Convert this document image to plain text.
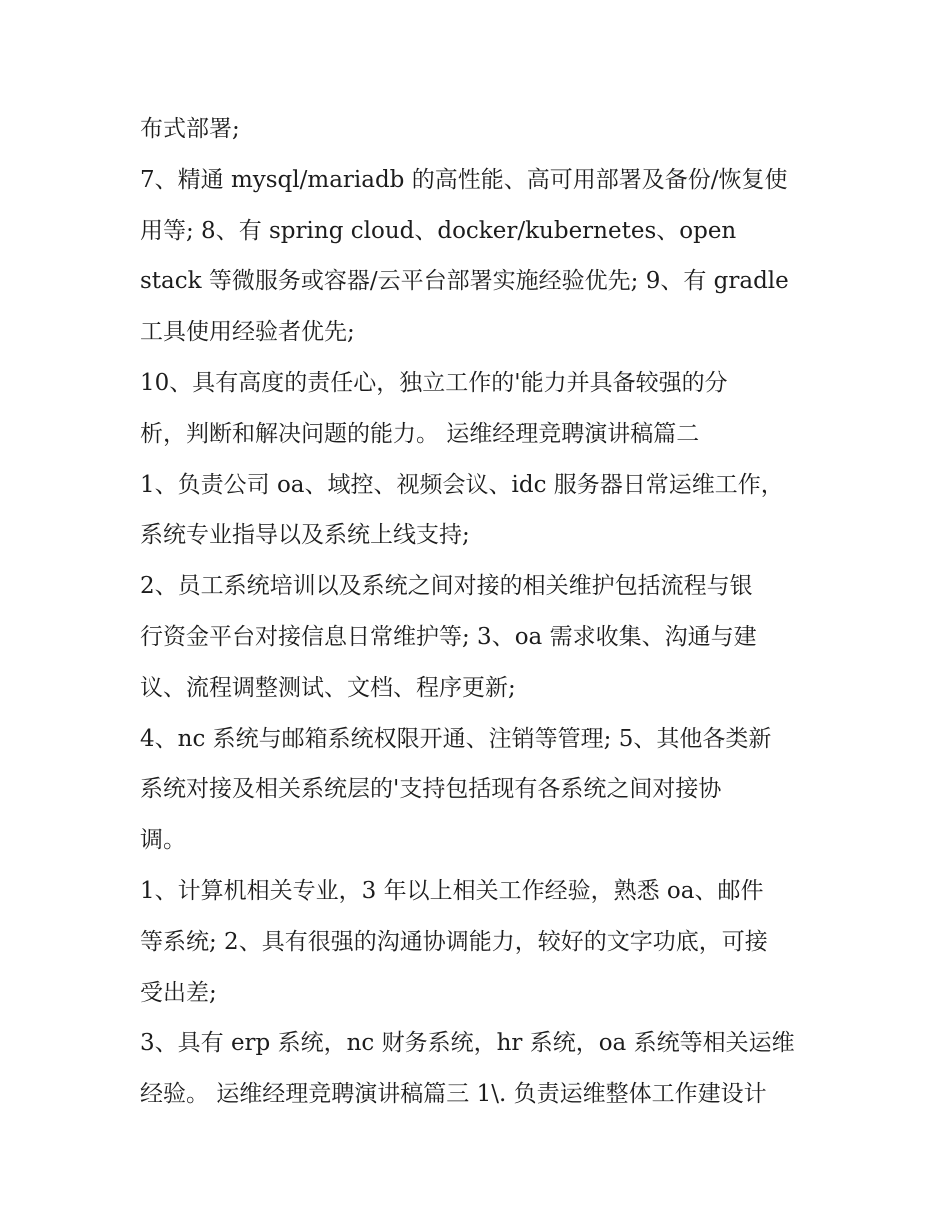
布式部署;
7、精通 mysql/mariadb 的高性能、高可用部署及备份/恢复使
用等; 8、有 spring cloud、docker/kubernetes、open
stack 等微服务或容器/云平台部署实施经验优先; 9、有 gradle
工具使用经验者优先;
10、具有高度的责任心，独立工作的'能力并具备较强的分
析，判断和解决问题的能力。 运维经理竞聘演讲稿篇二
1、负责公司 oa、域控、视频会议、idc 服务器日常运维工作，
系统专业指导以及系统上线支持;
2、员工系统培训以及系统之间对接的相关维护包括流程与银
行资金平台对接信息日常维护等; 3、oa 需求收集、沟通与建
议、流程调整测试、文档、程序更新;
4、nc 系统与邮箱系统权限开通、注销等管理; 5、其他各类新
系统对接及相关系统层的'支持包括现有各系统之间对接协
调。
1、计算机相关专业，3 年以上相关工作经验，熟悉 oa、邮件
等系统; 2、具有很强的沟通协调能力，较好的文字功底，可接
受出差;
3、具有 erp 系统，nc 财务系统，hr 系统，oa 系统等相关运维
经验。 运维经理竞聘演讲稿篇三 1\. 负责运维整体工作建设计
